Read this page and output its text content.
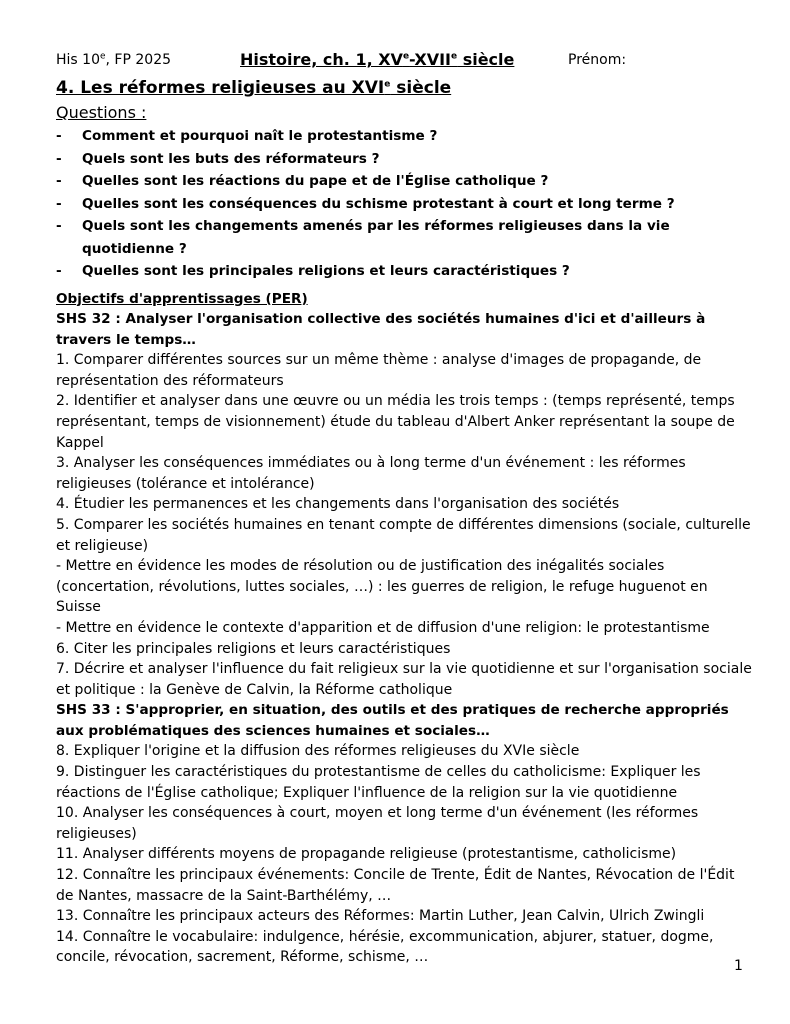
His 10e, FP 2025	Histoire, ch. 1, XVe-XVIIe siècle	Prénom:
4. Les réformes religieuses au XVIe siècle
Questions :
- Comment et pourquoi naît le protestantisme ?
- Quels sont les buts des réformateurs ?
- Quelles sont les réactions du pape et de l'Église catholique ?
- Quelles sont les conséquences du schisme protestant à court et long terme ?
- Quels sont les changements amenés par les réformes religieuses dans la vie quotidienne ?
- Quelles sont les principales religions et leurs caractéristiques ?
Objectifs d'apprentissages (PER)

SHS 32 : Analyser l'organisation collective des sociétés humaines d'ici et d'ailleurs à travers le temps…

1. Comparer différentes sources sur un même thème : analyse d'images de propagande, de représentation des réformateurs

2. Identifier et analyser dans une œuvre ou un média les trois temps : (temps représenté, temps représentant, temps de visionnement) étude du tableau d'Albert Anker représentant la soupe de Kappel

3. Analyser les conséquences immédiates ou à long terme d'un événement : les réformes religieuses (tolérance et intolérance)

4. Étudier les permanences et les changements dans l'organisation des sociétés

5. Comparer les sociétés humaines en tenant compte de différentes dimensions (sociale, culturelle et religieuse)

- Mettre en évidence les modes de résolution ou de justification des inégalités sociales (concertation, révolutions, luttes sociales, …) : les guerres de religion, le refuge huguenot en Suisse

- Mettre en évidence le contexte d'apparition et de diffusion d'une religion: le protestantisme

6. Citer les principales religions et leurs caractéristiques

7. Décrire et analyser l'influence du fait religieux sur la vie quotidienne et sur l'organisation sociale et politique : la Genève de Calvin, la Réforme catholique

SHS 33 : S'approprier, en situation, des outils et des pratiques de recherche appropriés aux problématiques des sciences humaines et sociales…

8. Expliquer l'origine et la diffusion des réformes religieuses du XVIe siècle

9. Distinguer les caractéristiques du protestantisme de celles du catholicisme: Expliquer les réactions de l'Église catholique; Expliquer l'influence de la religion sur la vie quotidienne

10. Analyser les conséquences à court, moyen et long terme d'un événement (les réformes religieuses)

11. Analyser différents moyens de propagande religieuse (protestantisme, catholicisme)

12. Connaître les principaux événements: Concile de Trente, Édit de Nantes, Révocation de l'Édit de Nantes, massacre de la Saint-Barthélémy, …

13. Connaître les principaux acteurs des Réformes: Martin Luther, Jean Calvin, Ulrich Zwingli

14. Connaître le vocabulaire: indulgence, hérésie, excommunication, abjurer, statuer, dogme, concile, révocation, sacrement, Réforme, schisme, …

1
